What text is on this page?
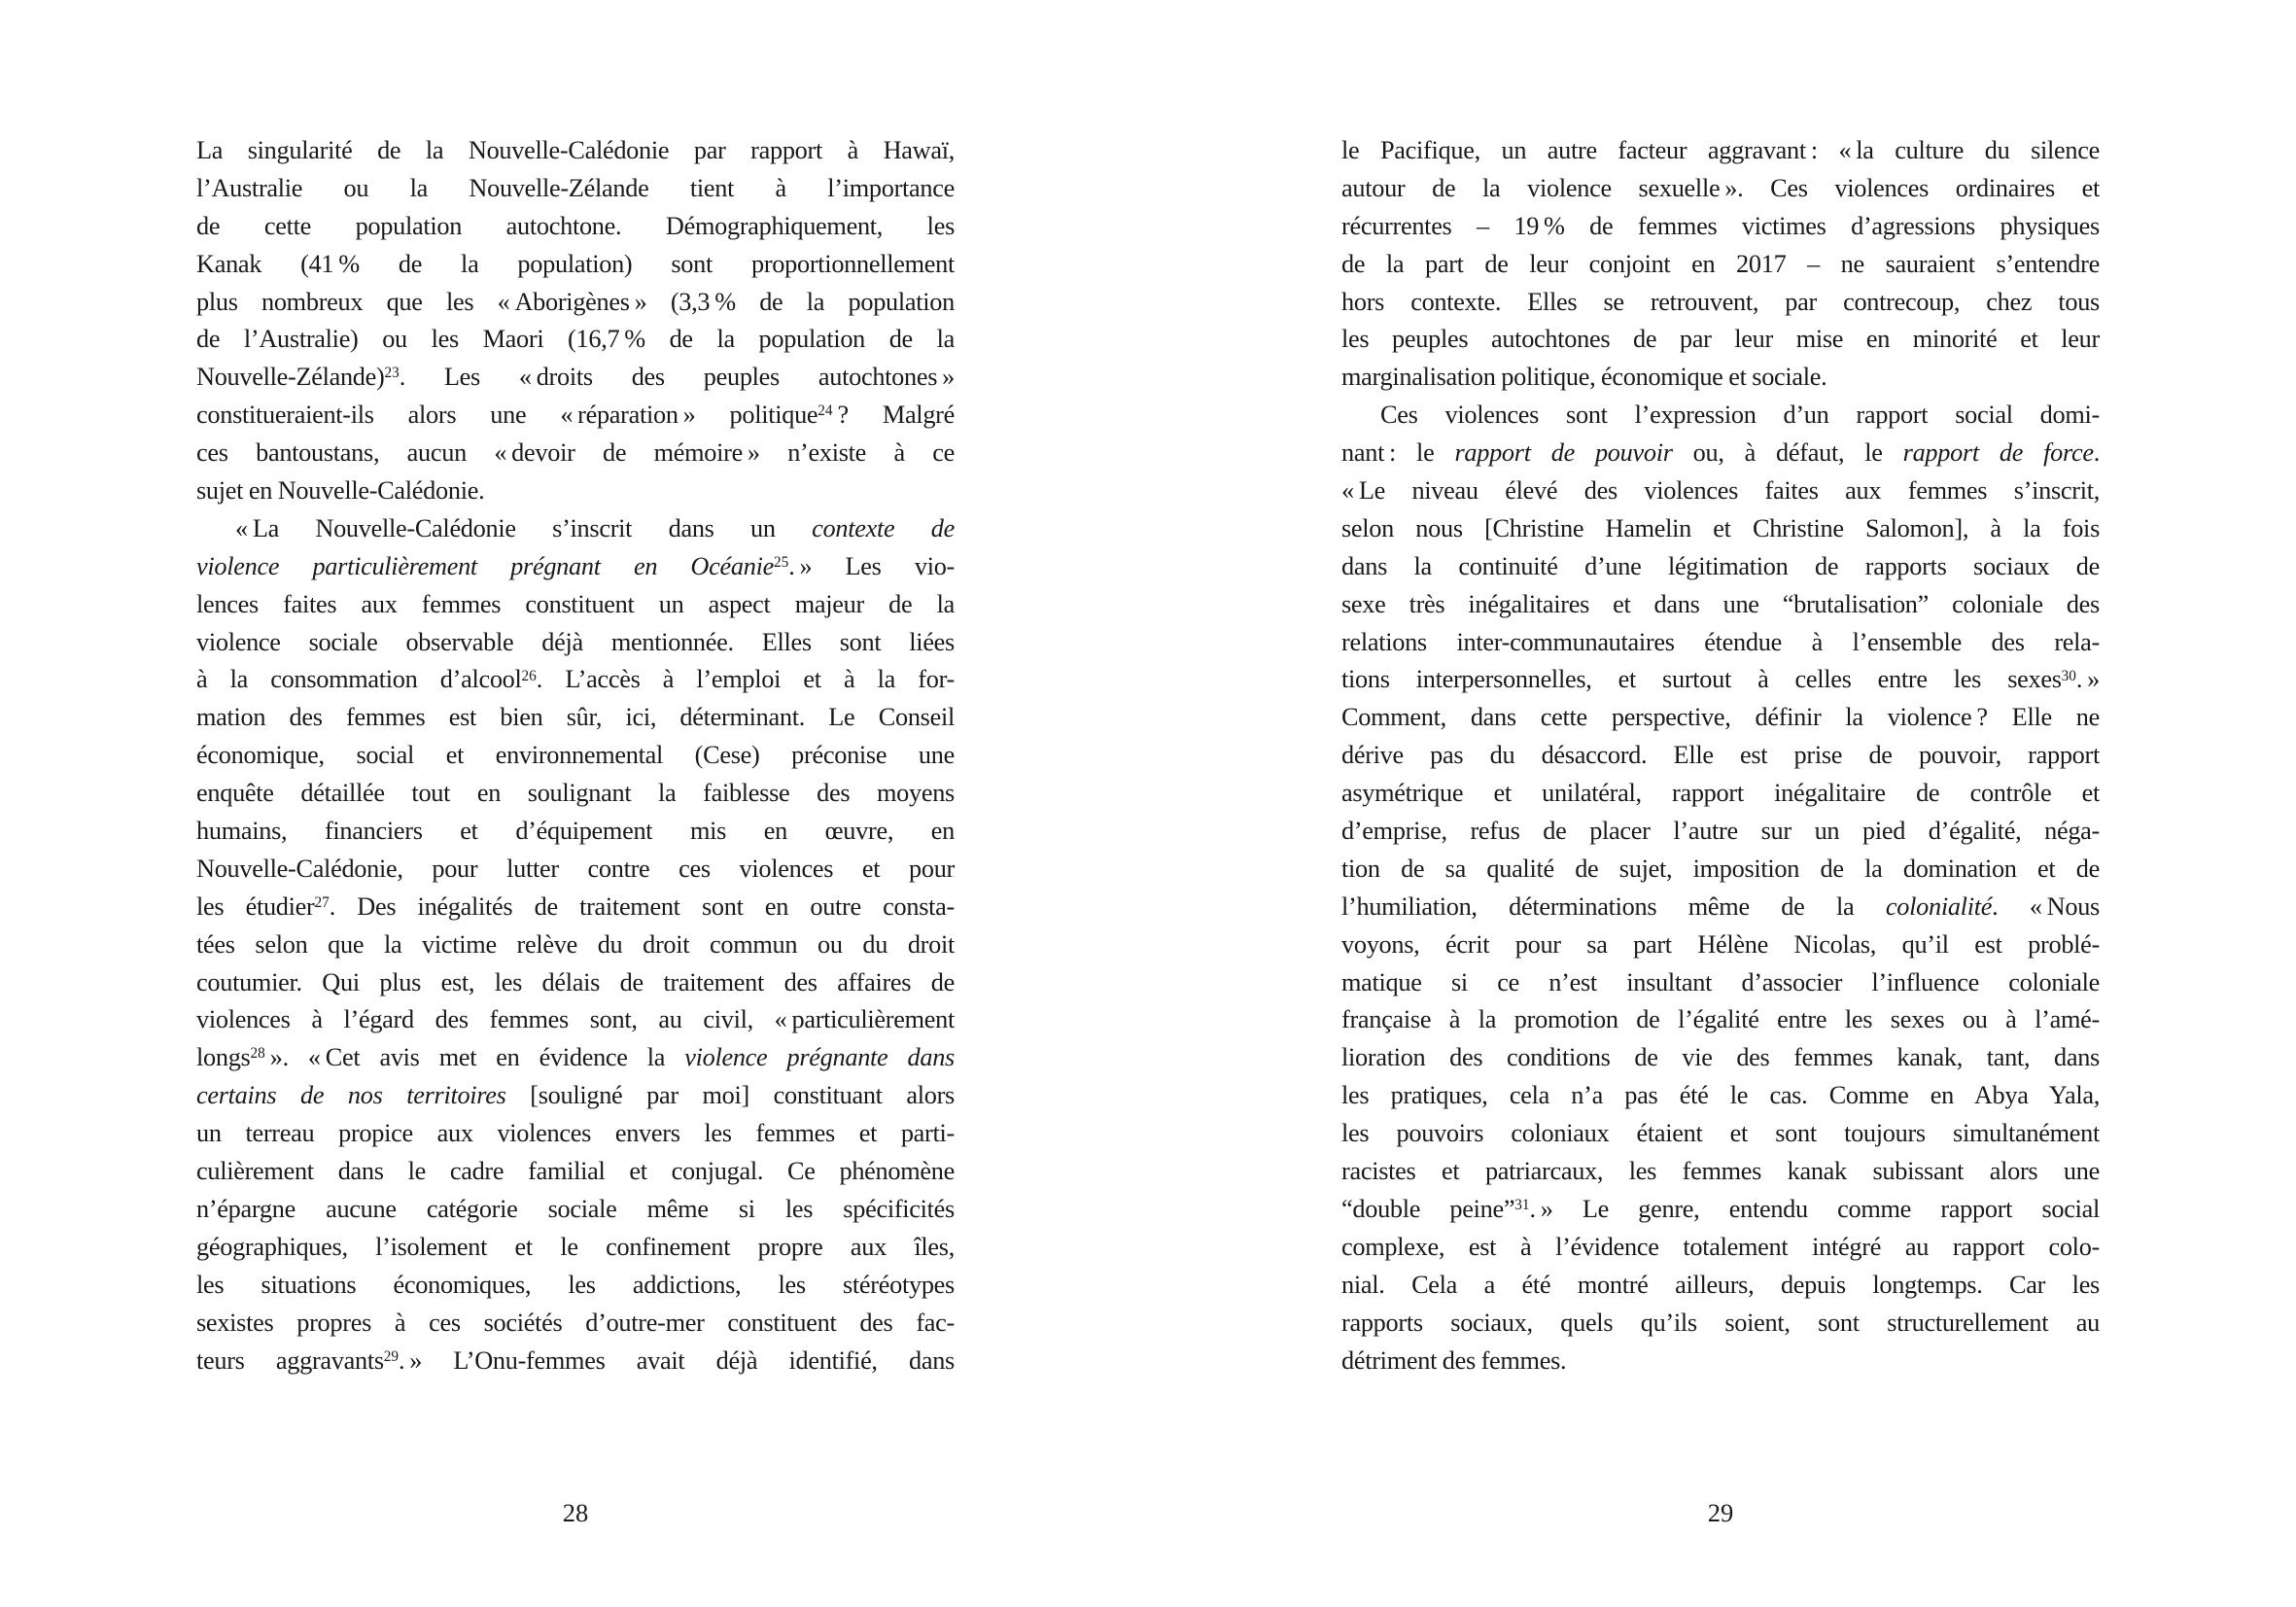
La singularité de la Nouvelle-Calédonie par rapport à Hawaï,
l’Australie ou la Nouvelle-Zélande tient à l’importance
de cette population autochtone. Démographiquement, les
Kanak (41 % de la population) sont proportionnellement
plus nombreux que les « Aborigènes » (3,3 % de la population
de l’Australie) ou les Maori (16,7 % de la population de la
Nouvelle-Zélande)$^{23}$. Les « droits des peuples autochtones »
constitueraient-ils alors une « réparation » politique$^{24}$ ? Malgré
ces bantoustans, aucun « devoir de mémoire » n’existe à ce
sujet en Nouvelle-Calédonie.
« La Nouvelle-Calédonie s’inscrit dans un contexte de
violence particulièrement prégnant en Océanie$^{25}$. » Les vio-
lences faites aux femmes constituent un aspect majeur de la
violence sociale observable déjà mentionnée. Elles sont liées
à la consommation d’alcool$^{26}$. L’accès à l’emploi et à la for-
mation des femmes est bien sûr, ici, déterminant. Le Conseil
économique, social et environnemental (Cese) préconise une
enquête détaillée tout en soulignant la faiblesse des moyens
humains, financiers et d’équipement mis en œuvre, en
Nouvelle-Calédonie, pour lutter contre ces violences et pour
les étudier$^{27}$. Des inégalités de traitement sont en outre consta-
tées selon que la victime relève du droit commun ou du droit
coutumier. Qui plus est, les délais de traitement des affaires de
violences à l’égard des femmes sont, au civil, « particulièrement
longs$^{28}$ ». « Cet avis met en évidence la violence prégnante dans
certains de nos territoires [souligné par moi] constituant alors
un terreau propice aux violences envers les femmes et parti-
culièrement dans le cadre familial et conjugal. Ce phénomène
n’épargne aucune catégorie sociale même si les spécificités
géographiques, l’isolement et le confinement propre aux îles,
les situations économiques, les addictions, les stéréotypes
sexistes propres à ces sociétés d’outre-mer constituent des fac-
teurs aggravants$^{29}$. » L’Onu-femmes avait déjà identifié, dans
28
le Pacifique, un autre facteur aggravant : « la culture du silence
autour de la violence sexuelle ». Ces violences ordinaires et
récurrentes – 19 % de femmes victimes d’agressions physiques
de la part de leur conjoint en 2017 – ne sauraient s’entendre
hors contexte. Elles se retrouvent, par contrecoup, chez tous
les peuples autochtones de par leur mise en minorité et leur
marginalisation politique, économique et sociale.
Ces violences sont l’expression d’un rapport social domi-
nant : le rapport de pouvoir ou, à défaut, le rapport de force.
« Le niveau élevé des violences faites aux femmes s’inscrit,
selon nous [Christine Hamelin et Christine Salomon], à la fois
dans la continuité d’une légitimation de rapports sociaux de
sexe très inégalitaires et dans une “brutalisation” coloniale des
relations inter-communautaires étendue à l’ensemble des rela-
tions interpersonnelles, et surtout à celles entre les sexes$^{30}$. »
Comment, dans cette perspective, définir la violence ? Elle ne
dérive pas du désaccord. Elle est prise de pouvoir, rapport
asymétrique et unilatéral, rapport inégalitaire de contrôle et
d’emprise, refus de placer l’autre sur un pied d’égalité, néga-
tion de sa qualité de sujet, imposition de la domination et de
l’humiliation, déterminations même de la colonialité. « Nous
voyons, écrit pour sa part Hélène Nicolas, qu’il est problé-
matique si ce n’est insultant d’associer l’influence coloniale
française à la promotion de l’égalité entre les sexes ou à l’amé-
lioration des conditions de vie des femmes kanak, tant, dans
les pratiques, cela n’a pas été le cas. Comme en Abya Yala,
les pouvoirs coloniaux étaient et sont toujours simultanément
racistes et patriarcaux, les femmes kanak subissant alors une
“double peine”$^{31}$. » Le genre, entendu comme rapport social
complexe, est à l’évidence totalement intégré au rapport colo-
nial. Cela a été montré ailleurs, depuis longtemps. Car les
rapports sociaux, quels qu’ils soient, sont structurellement au
détriment des femmes.
29
